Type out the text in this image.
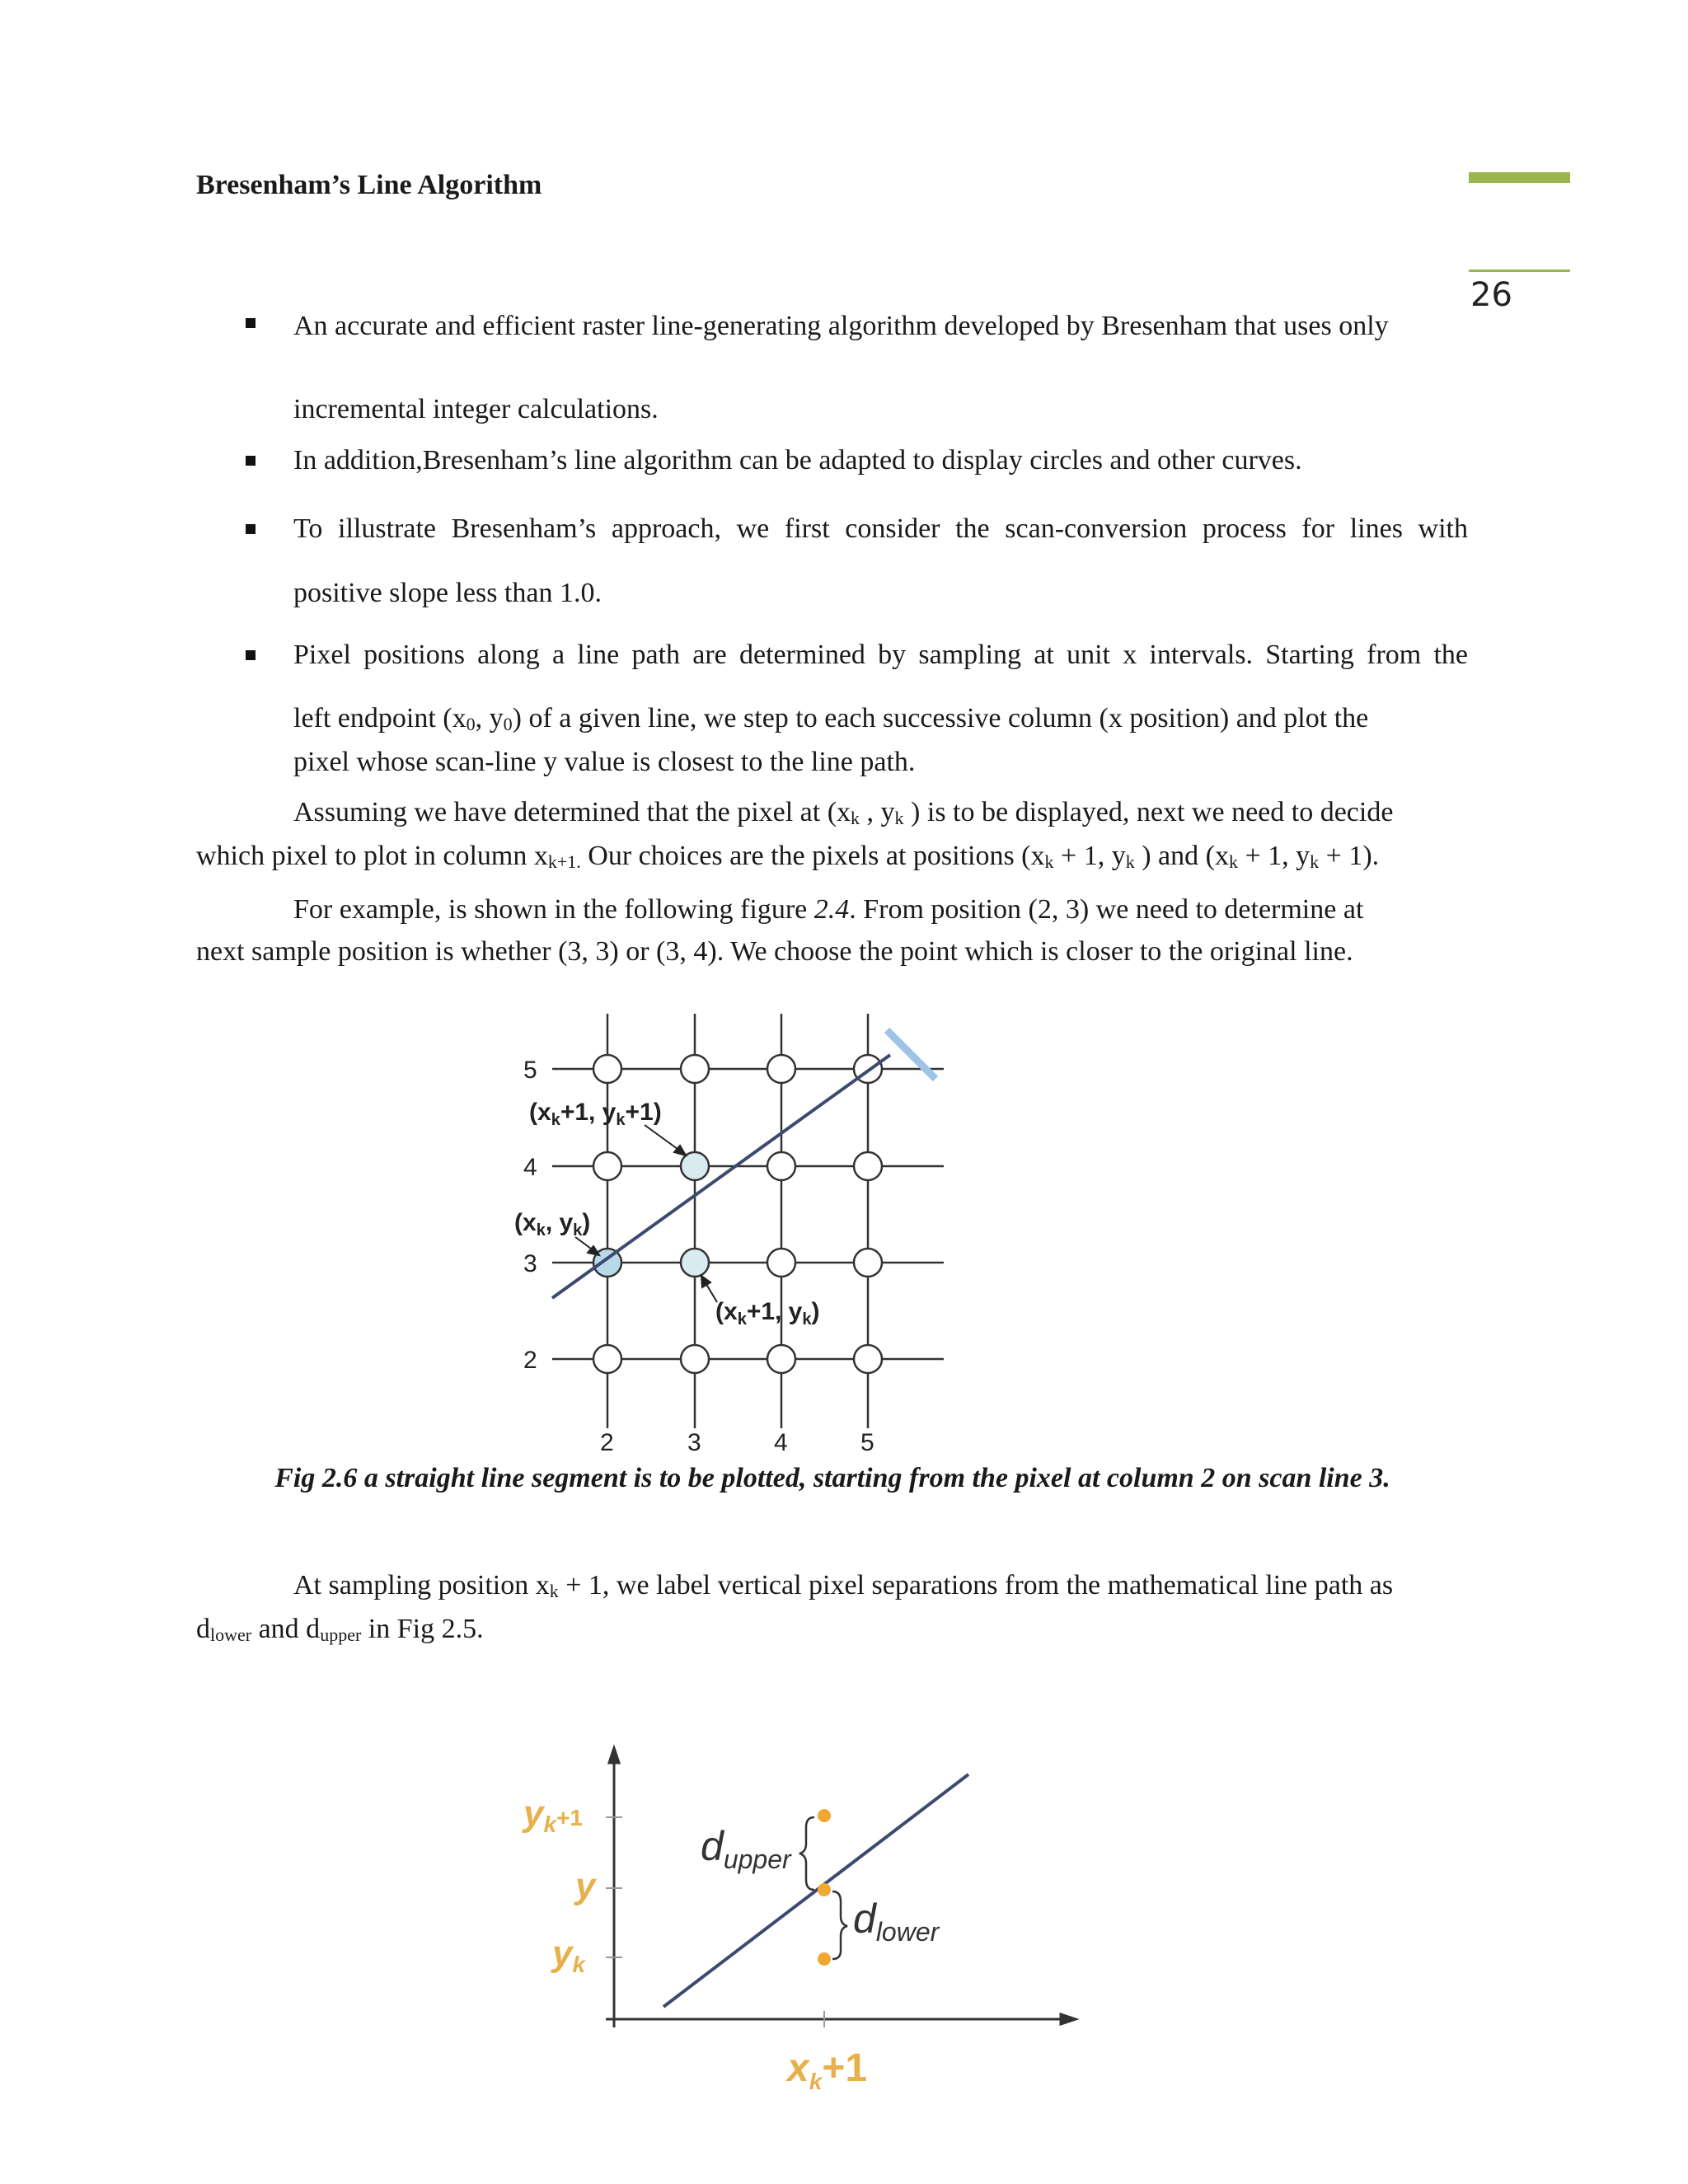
Bresenham’s Line Algorithm
26
An accurate and efficient raster line-generating algorithm developed by Bresenham that uses only
incremental integer calculations.
In addition,Bresenham’s line algorithm can be adapted to display circles and other curves.
To illustrate Bresenham’s approach, we first consider the scan-conversion process for lines with
positive slope less than 1.0.
Pixel positions along a line path are determined by sampling at unit x intervals. Starting from the
left endpoint ($x_0$, $y_0$) of a given line, we step to each successive column (x position) and plot the
pixel whose scan-line y value is closest to the line path.
Assuming we have determined that the pixel at ($x_k$ , $y_k$ ) is to be displayed, next we need to decide
which pixel to plot in column $x_{k+1.}$ Our choices are the pixels at positions ($x_k + 1$, $y_k$ ) and ($x_k + 1$, $y_k + 1$).
For example, is shown in the following figure 2.4. From position (2, 3) we need to determine at
next sample position is whether (3, 3) or (3, 4). We choose the point which is closer to the original line.
5
4
3
2
2	3	4	5
($x_k+1$, $y_k+1$)
($x_k$, $y_k$)
($x_k+1$, $y_k$)
Fig 2.6 a straight line segment is to be plotted, starting from the pixel at column 2 on scan line 3.
At sampling position $x_k + 1$, we label vertical pixel separations from the mathematical line path as
$d_{lower}$ and $d_{upper}$ in Fig 2.5.
yk+1
y
yk
$x_k+1$
$d_{upper}$
$d_{lower}$
